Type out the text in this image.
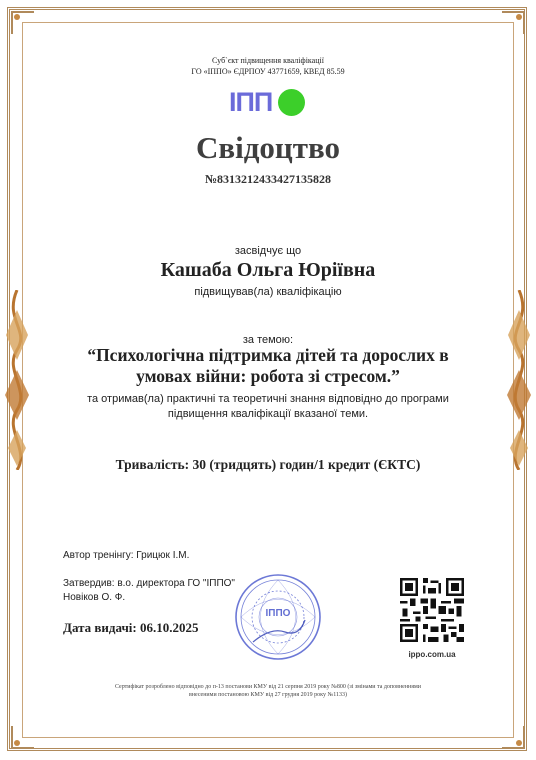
Суб`єкт підвищення кваліфікації
ГО «ІППО» ЄДРПОУ 43771659, КВЕД 85.59
ІПП
Свідоцтво
№8313212433427135828
засвідчує що
Кашаба Ольга Юріївна
підвищував(ла) кваліфікацію
за темою:
“Психологічна підтримка дітей та дорослих в умовах війни: робота зі стресом.”
та отримав(ла) практичні та теоретичні знання відповідно до програми підвищення кваліфікації вказаної теми.
Тривалість: 30 (тридцять) годин/1 кредит (ЄКТС)
Автор тренінгу: Грицюк І.М.
Затвердив: в.о. директора ГО "ІППО"
Новіков О. Ф.
Дата видачі: 06.10.2025
ІППО
ippo.com.ua
Сертифікат розроблено відповідно до п-13 постанови КМУ від 21 серпня 2019 року №800 (зі змінами та доповненнями
внесеними постановою КМУ від 27 грудня 2019 року №1133)
